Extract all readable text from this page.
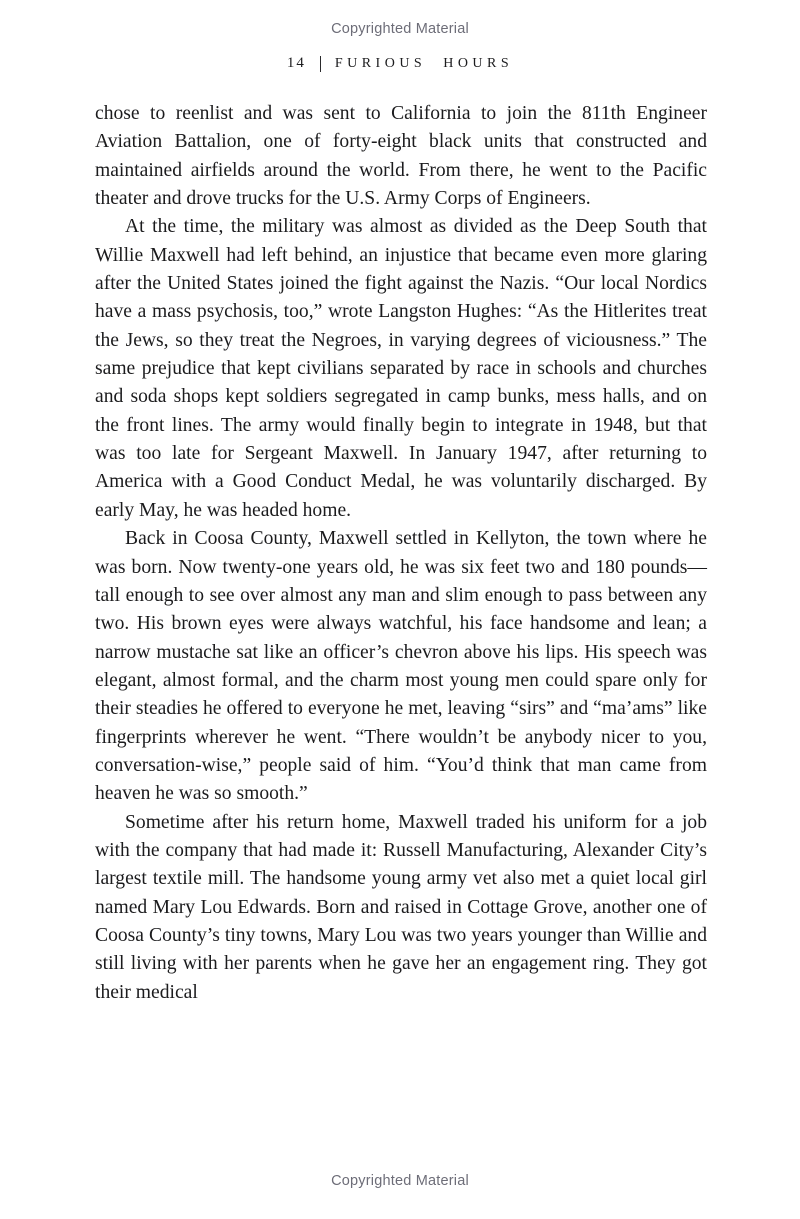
Copyrighted Material
14 FURIOUS HOURS

chose to reenlist and was sent to California to join the 811th Engineer Aviation Battalion, one of forty-eight black units that constructed and maintained airfields around the world. From there, he went to the Pacific theater and drove trucks for the U.S. Army Corps of Engineers.

At the time, the military was almost as divided as the Deep South that Willie Maxwell had left behind, an injustice that became even more glaring after the United States joined the fight against the Nazis. “Our local Nordics have a mass psychosis, too,” wrote Langston Hughes: “As the Hitlerites treat the Jews, so they treat the Negroes, in varying degrees of viciousness.” The same prejudice that kept civilians separated by race in schools and churches and soda shops kept soldiers segregated in camp bunks, mess halls, and on the front lines. The army would finally begin to integrate in 1948, but that was too late for Sergeant Maxwell. In January 1947, after returning to America with a Good Conduct Medal, he was voluntarily discharged. By early May, he was headed home.

Back in Coosa County, Maxwell settled in Kellyton, the town where he was born. Now twenty-one years old, he was six feet two and 180 pounds—tall enough to see over almost any man and slim enough to pass between any two. His brown eyes were always watchful, his face handsome and lean; a narrow mustache sat like an officer’s chevron above his lips. His speech was elegant, almost formal, and the charm most young men could spare only for their steadies he offered to everyone he met, leaving “sirs” and “ma’ams” like fingerprints wherever he went. “There wouldn’t be anybody nicer to you, conversation-wise,” people said of him. “You’d think that man came from heaven he was so smooth.”

Sometime after his return home, Maxwell traded his uniform for a job with the company that had made it: Russell Manufacturing, Alexander City’s largest textile mill. The handsome young army vet also met a quiet local girl named Mary Lou Edwards. Born and raised in Cottage Grove, another one of Coosa County’s tiny towns, Mary Lou was two years younger than Willie and still living with her parents when he gave her an engagement ring. They got their medical

Copyrighted Material
